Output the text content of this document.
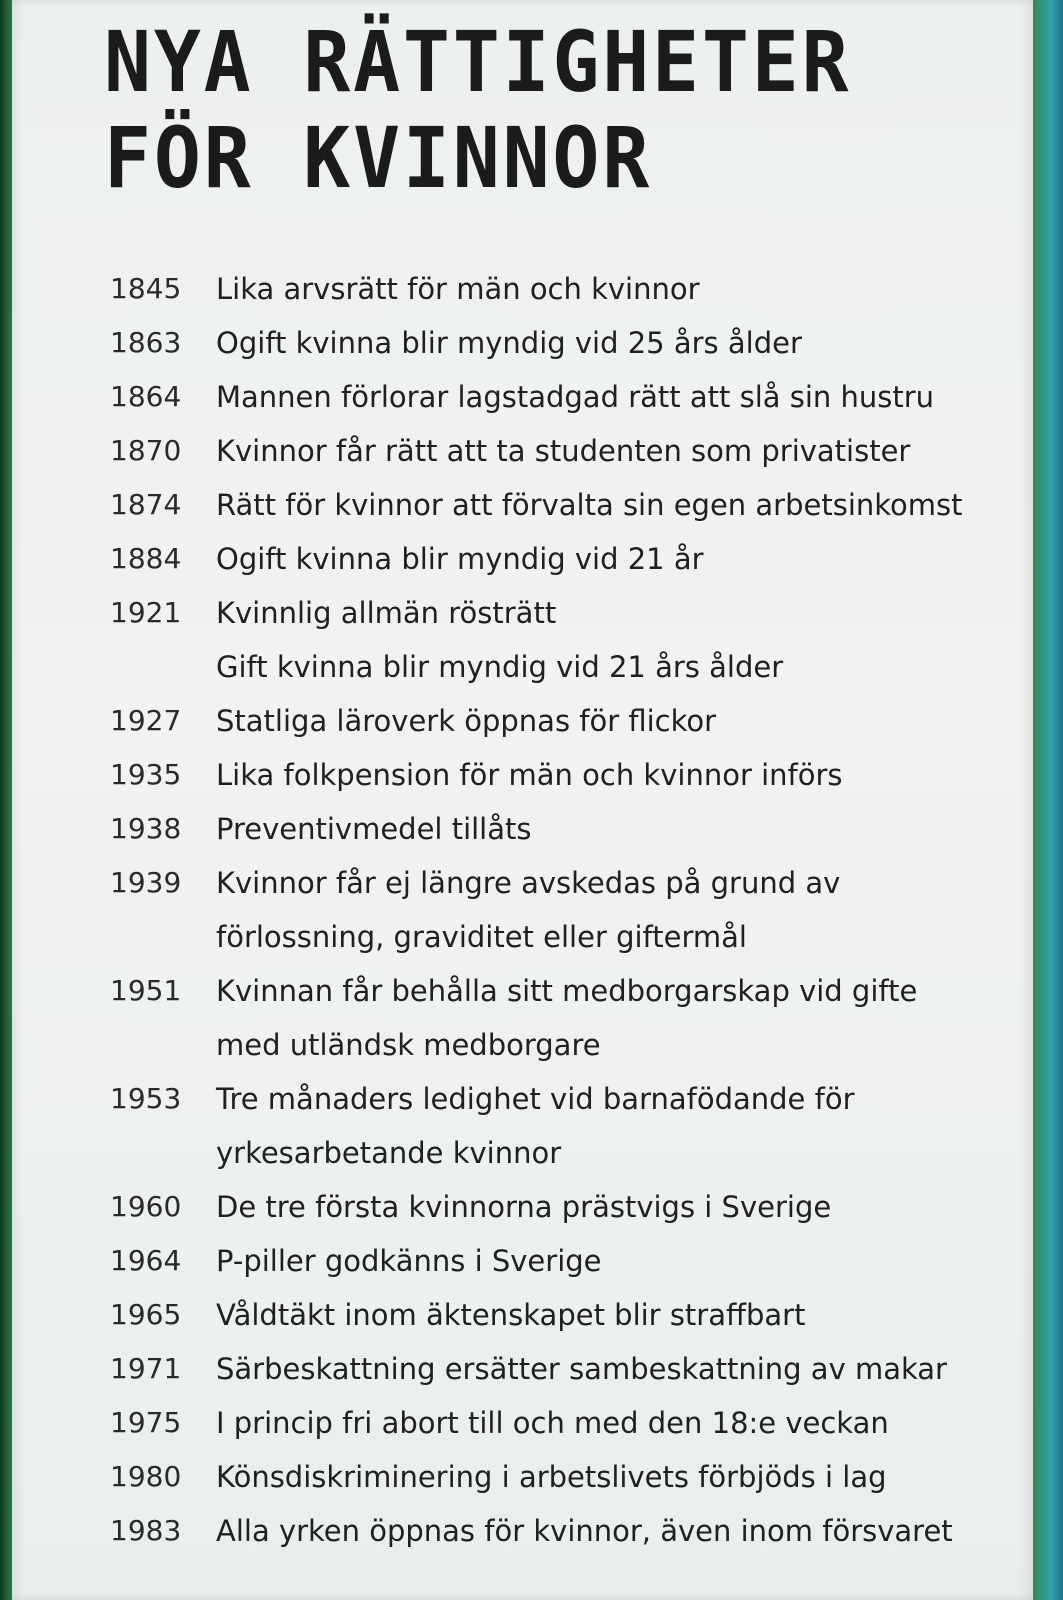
NYA RÄTTIGHETER
FÖR KVINNOR
1845	Lika arvsrätt för män och kvinnor
1863	Ogift kvinna blir myndig vid 25 års ålder
1864	Mannen förlorar lagstadgad rätt att slå sin hustru
1870	Kvinnor får rätt att ta studenten som privatister
1874	Rätt för kvinnor att förvalta sin egen arbetsinkomst
1884	Ogift kvinna blir myndig vid 21 år
1921	Kvinnlig allmän rösträtt
Gift kvinna blir myndig vid 21 års ålder
1927	Statliga läroverk öppnas för flickor
1935	Lika folkpension för män och kvinnor införs
1938	Preventivmedel tillåts
1939	Kvinnor får ej längre avskedas på grund av
förlossning, graviditet eller giftermål
1951	Kvinnan får behålla sitt medborgarskap vid gifte
med utländsk medborgare
1953	Tre månaders ledighet vid barnafödande för
yrkesarbetande kvinnor
1960	De tre första kvinnorna prästvigs i Sverige
1964	P-piller godkänns i Sverige
1965	Våldtäkt inom äktenskapet blir straffbart
1971	Särbeskattning ersätter sambeskattning av makar
1975	I princip fri abort till och med den 18:e veckan
1980	Könsdiskriminering i arbetslivets förbjöds i lag
1983	Alla yrken öppnas för kvinnor, även inom försvaret
